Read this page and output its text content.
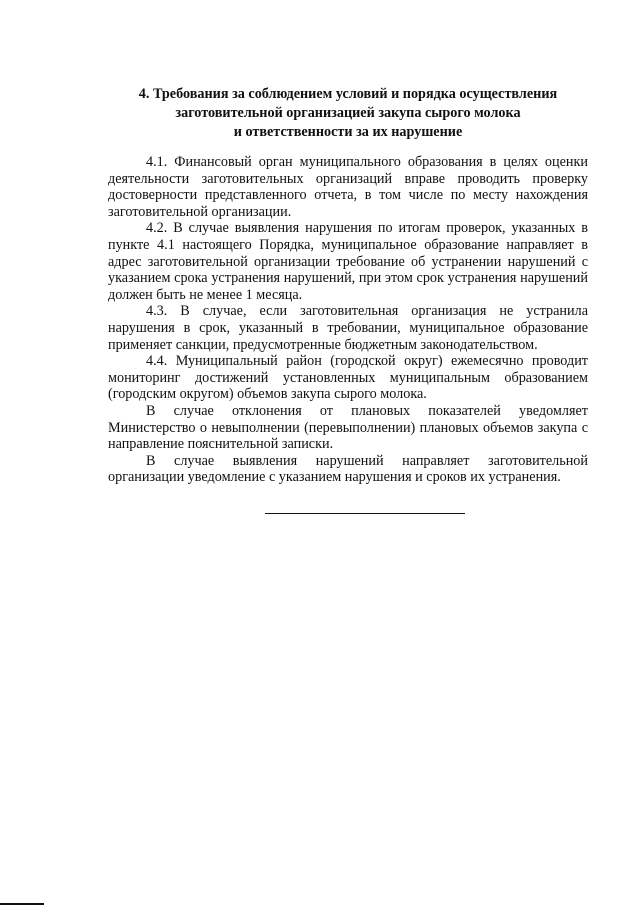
4. Требования за соблюдением условий и порядка осуществления
заготовительной организацией закупа сырого молока
и ответственности за их нарушение

4.1. Финансовый орган муниципального образования в целях оценки деятельности заготовительных организаций вправе проводить проверку достоверности представленного отчета, в том числе по месту нахождения заготовительной организации.

4.2. В случае выявления нарушения по итогам проверок, указанных в пункте 4.1 настоящего Порядка, муниципальное образование направляет в адрес заготовительной организации требование об устранении нарушений с указанием срока устранения нарушений, при этом срок устранения нарушений должен быть не менее 1 месяца.

4.3. В случае, если заготовительная организация не устранила нарушения в срок, указанный в требовании, муниципальное образование применяет санкции, предусмотренные бюджетным законодательством.

4.4. Муниципальный район (городской округ) ежемесячно проводит мониторинг достижений установленных муниципальным образованием (городским округом) объемов закупа сырого молока.

В случае отклонения от плановых показателей уведомляет Министерство о невыполнении (перевыполнении) плановых объемов закупа с направление пояснительной записки.

В случае выявления нарушений направляет заготовительной организации уведомление с указанием нарушения и сроков их устранения.
